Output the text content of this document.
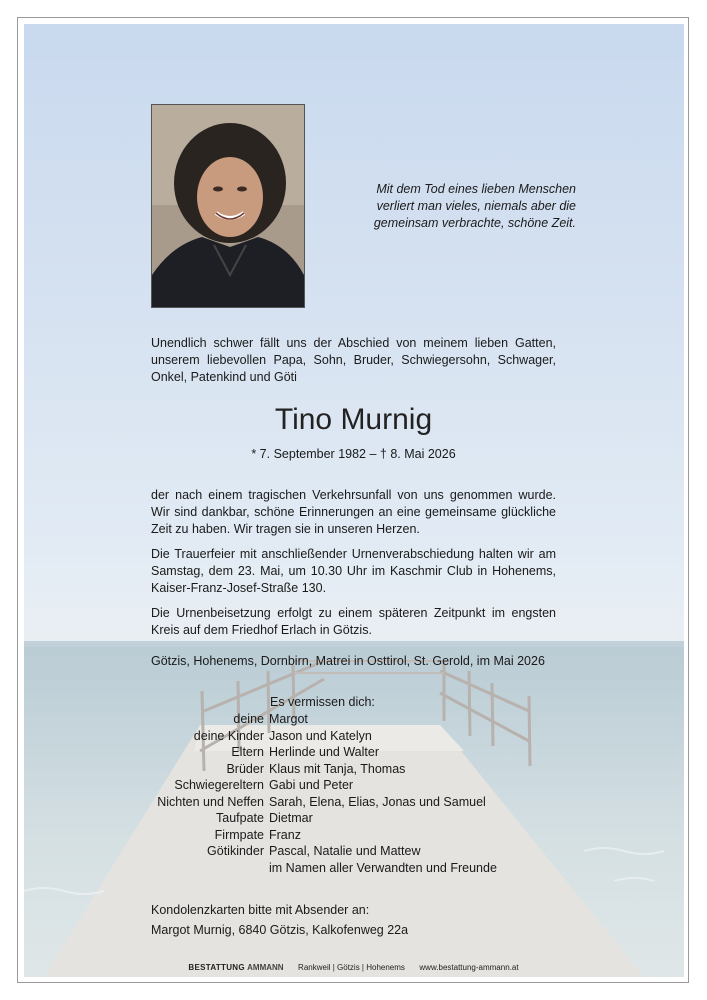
Mit dem Tod eines lieben Menschen
verliert man vieles, niemals aber die
gemeinsam verbrachte, schöne Zeit.

Unendlich schwer fällt uns der Abschied von meinem lieben Gatten, unserem liebevollen Papa, Sohn, Bruder, Schwiegersohn, Schwager, Onkel, Patenkind und Göti

Tino Murnig
* 7. September 1982 – † 8. Mai 2026

der nach einem tragischen Verkehrsunfall von uns genommen wurde. Wir sind dankbar, schöne Erinnerungen an eine gemeinsame glückliche Zeit zu haben. Wir tragen sie in unseren Herzen.

Die Trauerfeier mit anschließender Urnenverabschiedung halten wir am Samstag, dem 23. Mai, um 10.30 Uhr im Kaschmir Club in Hohenems, Kaiser-Franz-Josef-Straße 130.

Die Urnenbeisetzung erfolgt zu einem späteren Zeitpunkt im engsten Kreis auf dem Friedhof Erlach in Götzis.

Götzis, Hohenems, Dornbirn, Matrei in Osttirol, St. Gerold, im Mai 2026
Es vermissen dich:
deine Margot
deine Kinder Jason und Katelyn
Eltern Herlinde und Walter
Brüder Klaus mit Tanja, Thomas
Schwiegereltern Gabi und Peter
Nichten und Neffen Sarah, Elena, Elias, Jonas und Samuel
Taufpate Dietmar
Firmpate Franz
Götikinder Pascal, Natalie und Mattew
im Namen aller Verwandten und Freunde
Kondolenzkarten bitte mit Absender an:
Margot Murnig, 6840 Götzis, Kalkofenweg 22a
BESTATTUNG AMMANN Rankweil | Götzis | Hohenems www.bestattung-ammann.at
